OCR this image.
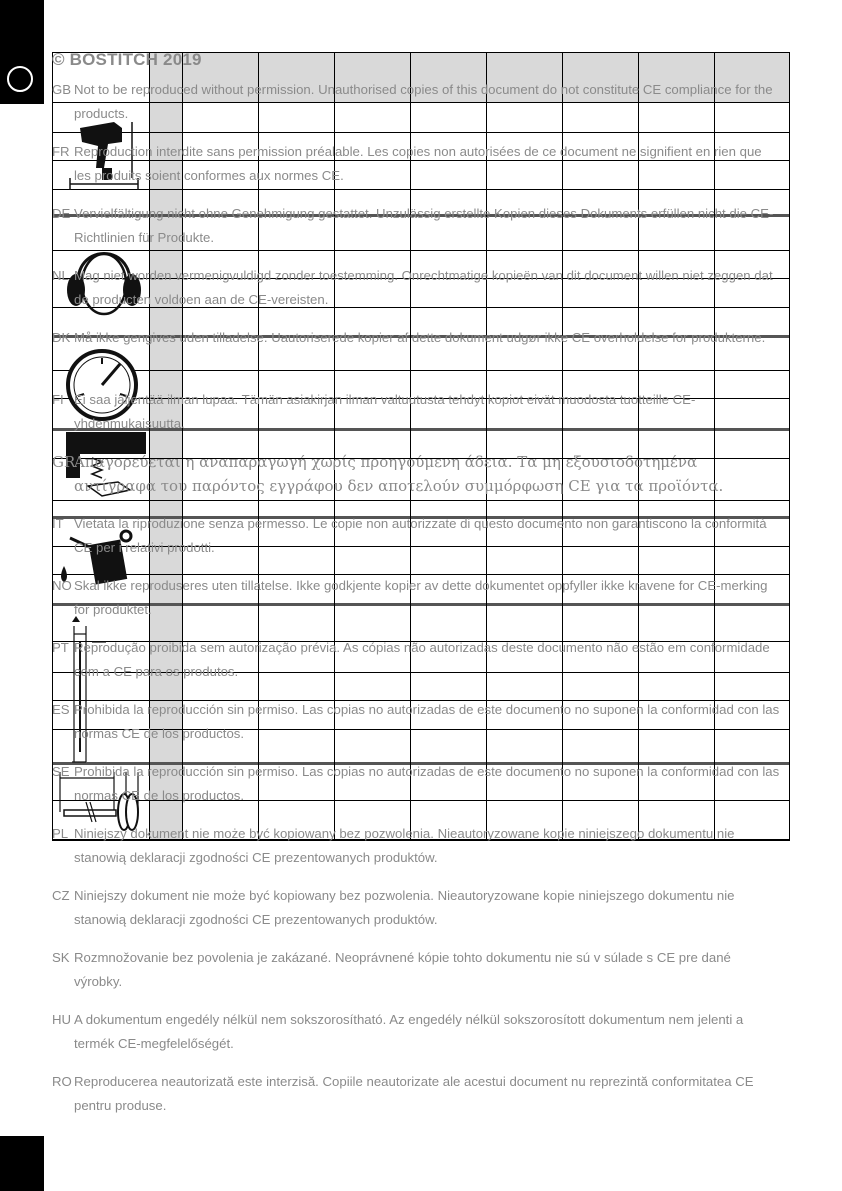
© BOSTITCH 2019
GB Not to be reproduced without permission. Unauthorised copies of this document do not constitute CE compliance for the products.
FR Reproduction interdite sans permission préalable. Les copies non autorisées de ce document ne signifient en rien que les produits soient conformes aux normes CE.
DE Vervielfältigung nicht ohne Genehmigung gestattet. Unzulässig erstellte Kopien dieses Dokuments erfüllen nicht die CE-Richtlinien für Produkte.
NL Mag niet worden vermenigvuldigd zonder toestemming. Onrechtmatige kopieën van dit document willen niet zeggen dat de producten voldoen aan de CE-vereisten.
DK Må ikke gengives uden tilladelse. Uautoriserede kopier af dette dokument udgør ikke CE overholdelse for produkterne.
FI Ei saa jäljentää ilman lupaa. Tämän asiakirjan ilman valtuutusta tehdyt kopiot eivät muodosta tuotteille CE-yhdenmukaisuutta.
GRΑπαγορεύεται η αναπαραγωγή χωρίς προηγούμενη άδεια. Τα μη εξουσιοδοτημένα αντίγραφα του παρόντος εγγράφου δεν αποτελούν συμμόρφωση CE για τα προϊόντα.
IT Vietata la riproduzione senza permesso. Le copie non autorizzate di questo documento non garantiscono la conformità CE per i relativi prodotti.
NO Skal ikke reproduseres uten tillatelse. Ikke godkjente kopier av dette dokumentet oppfyller ikke kravene for CE-merking for produktet.
PT Reprodução proibida sem autorização prévia. As cópias não autorizadas deste documento não estão em conformidade com a CE para os produtos.
ES Prohibida la reproducción sin permiso. Las copias no autorizadas de este documento no suponen la conformidad con las normas CE de los productos.
SE Prohibida la reproducción sin permiso. Las copias no autorizadas de este documento no suponen la conformidad con las normas CE de los productos.
PL Niniejszy dokument nie może być kopiowany bez pozwolenia. Nieautoryzowane kopie niniejszego dokumentu nie stanowią deklaracji zgodności CE prezentowanych produktów.
CZ Niniejszy dokument nie może być kopiowany bez pozwolenia. Nieautoryzowane kopie niniejszego dokumentu nie stanowią deklaracji zgodności CE prezentowanych produktów.
SK Rozmnožovanie bez povolenia je zakázané. Neoprávnené kópie tohto dokumentu nie sú v súlade s CE pre dané výrobky.
HU A dokumentum engedély nélkül nem sokszorosítható. Az engedély nélkül sokszorosított dokumentum nem jelenti a termék CE-megfelelőségét.
RO Reproducerea neautorizată este interzisă. Copiile neautorizate ale acestui document nu reprezintă conformitatea CE pentru produse.
